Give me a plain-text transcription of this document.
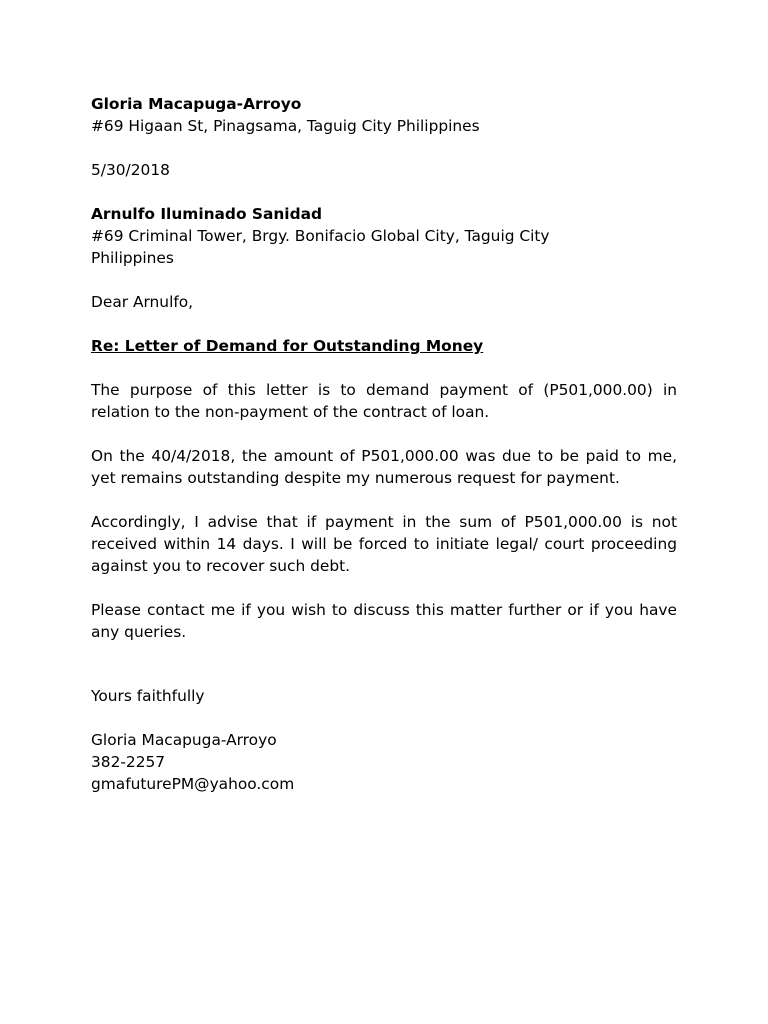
Gloria Macapuga-Arroyo

#69 Higaan St, Pinagsama, Taguig City Philippines

5/30/2018

Arnulfo Iluminado Sanidad

#69 Criminal Tower, Brgy. Bonifacio Global City, Taguig City

Philippines

Dear Arnulfo,

Re: Letter of Demand for Outstanding Money

The purpose of this letter is to demand payment of (P501,000.00) in relation to the non-payment of the contract of loan.

On the 40/4/2018, the amount of P501,000.00 was due to be paid to me, yet remains outstanding despite my numerous request for payment.

Accordingly, I advise that if payment in the sum of P501,000.00 is not received within 14 days. I will be forced to initiate legal/ court proceeding against you to recover such debt.

Please contact me if you wish to discuss this matter further or if you have any queries.

Yours faithfully

Gloria Macapuga-Arroyo

382-2257

gmafuturePM@yahoo.com
